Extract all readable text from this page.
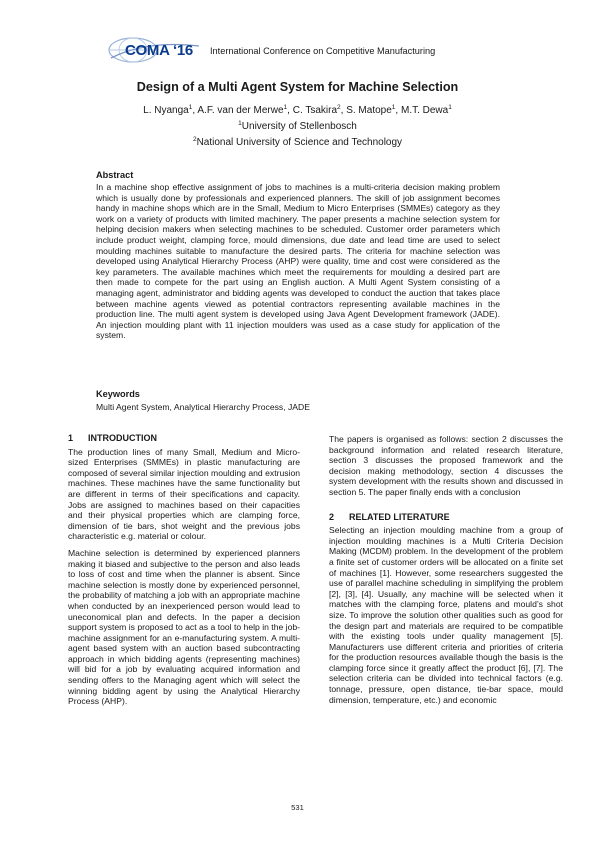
COMA ‘16 International Conference on Competitive Manufacturing
Design of a Multi Agent System for Machine Selection
L. Nyanga$^1$, A.F. van der Merwe$^1$, C. Tsakira$^2$, S. Matope$^1$, M.T. Dewa$^1$
$^1$University of Stellenbosch
$^2$National University of Science and Technology
Abstract

In a machine shop effective assignment of jobs to machines is a multi-criteria decision making problem which is usually done by professionals and experienced planners. The skill of job assignment becomes handy in machine shops which are in the Small, Medium to Micro Enterprises (SMMEs) category as they work on a variety of products with limited machinery. The paper presents a machine selection system for helping decision makers when selecting machines to be scheduled. Customer order parameters which include product weight, clamping force, mould dimensions, due date and lead time are used to select moulding machines suitable to manufacture the desired parts. The criteria for machine selection was developed using Analytical Hierarchy Process (AHP) were quality, time and cost were considered as the key parameters. The available machines which meet the requirements for moulding a desired part are then made to compete for the part using an English auction. A Multi Agent System consisting of a managing agent, administrator and bidding agents was developed to conduct the auction that takes place between machine agents viewed as potential contractors representing available machines in the production line. The multi agent system is developed using Java Agent Development framework (JADE). An injection moulding plant with 11 injection moulders was used as a case study for application of the system.

Keywords
Multi Agent System, Analytical Hierarchy Process, JADE
1 INTRODUCTION

The production lines of many Small, Medium and Micro-sized Enterprises (SMMEs) in plastic manufacturing are composed of several similar injection moulding and extrusion machines. These machines have the same functionality but are different in terms of their specifications and capacity. Jobs are assigned to machines based on their capacities and their physical properties which are clamping force, dimension of tie bars, shot weight and the previous jobs characteristic e.g. material or colour.

Machine selection is determined by experienced planners making it biased and subjective to the person and also leads to loss of cost and time when the planner is absent. Since machine selection is mostly done by experienced personnel, the probability of matching a job with an appropriate machine when conducted by an inexperienced person would lead to uneconomical plan and defects. In the paper a decision support system is proposed to act as a tool to help in the job-machine assignment for an e-manufacturing system. A multi-agent based system with an auction based subcontracting approach in which bidding agents (representing machines) will bid for a job by evaluating acquired information and sending offers to the Managing agent which will select the winning bidding agent by using the Analytical Hierarchy Process (AHP).

The papers is organised as follows: section 2 discusses the background information and related research literature, section 3 discusses the proposed framework and the decision making methodology, section 4 discusses the system development with the results shown and discussed in section 5. The paper finally ends with a conclusion

2 RELATED LITERATURE

Selecting an injection moulding machine from a group of injection moulding machines is a Multi Criteria Decision Making (MCDM) problem. In the development of the problem a finite set of customer orders will be allocated on a finite set of machines [1]. However, some researchers suggested the use of parallel machine scheduling in simplifying the problem [2], [3], [4]. Usually, any machine will be selected when it matches with the clamping force, platens and mould’s shot size. To improve the solution other qualities such as good for the design part and materials are required to be compatible with the existing tools under quality management [5]. Manufacturers use different criteria and priorities of criteria for the production resources available though the basis is the clamping force since it greatly affect the product [6], [7]. The selection criteria can be divided into technical factors (e.g. tonnage, pressure, open distance, tie-bar space, mould dimension, temperature, etc.) and economic

531
